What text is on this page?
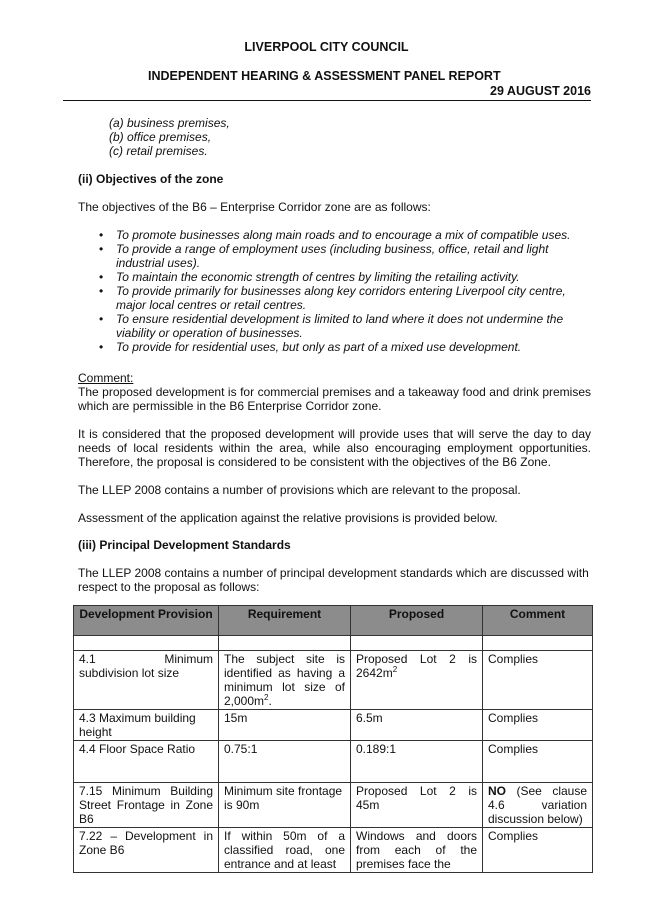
LIVERPOOL CITY COUNCIL
INDEPENDENT HEARING & ASSESSMENT PANEL REPORT
29 AUGUST 2016
(a) business premises,
(b) office premises,
(c) retail premises.
(ii) Objectives of the zone
The objectives of the B6 – Enterprise Corridor zone are as follows:
• To promote businesses along main roads and to encourage a mix of compatible uses.
• To provide a range of employment uses (including business, office, retail and light industrial uses).
• To maintain the economic strength of centres by limiting the retailing activity.
• To provide primarily for businesses along key corridors entering Liverpool city centre, major local centres or retail centres.
• To ensure residential development is limited to land where it does not undermine the viability or operation of businesses.
• To provide for residential uses, but only as part of a mixed use development.
Comment:
The proposed development is for commercial premises and a takeaway food and drink premises which are permissible in the B6 Enterprise Corridor zone.
It is considered that the proposed development will provide uses that will serve the day to day needs of local residents within the area, while also encouraging employment opportunities. Therefore, the proposal is considered to be consistent with the objectives of the B6 Zone.
The LLEP 2008 contains a number of provisions which are relevant to the proposal.
Assessment of the application against the relative provisions is provided below.
(iii) Principal Development Standards
The LLEP 2008 contains a number of principal development standards which are discussed with respect to the proposal as follows:
Development Provision	Requirement	Proposed	Comment

4.1          Minimum subdivision lot size	The subject site is identified as having a minimum lot size of $2,000m^2$.	Proposed  Lot  2  is $2642m^2$	Complies
4.3 Maximum building height	15m	6.5m	Complies
4.4 Floor Space Ratio	0.75:1	0.189:1	Complies
7.15 Minimum Building Street Frontage in Zone B6	Minimum site frontage is 90m	Proposed  Lot  2  is 45m	NO (See clause 4.6 variation discussion below)
7.22 – Development in Zone B6	If within 50m of a classified road, one entrance and at least	Windows and doors from each of the premises face the	Complies
